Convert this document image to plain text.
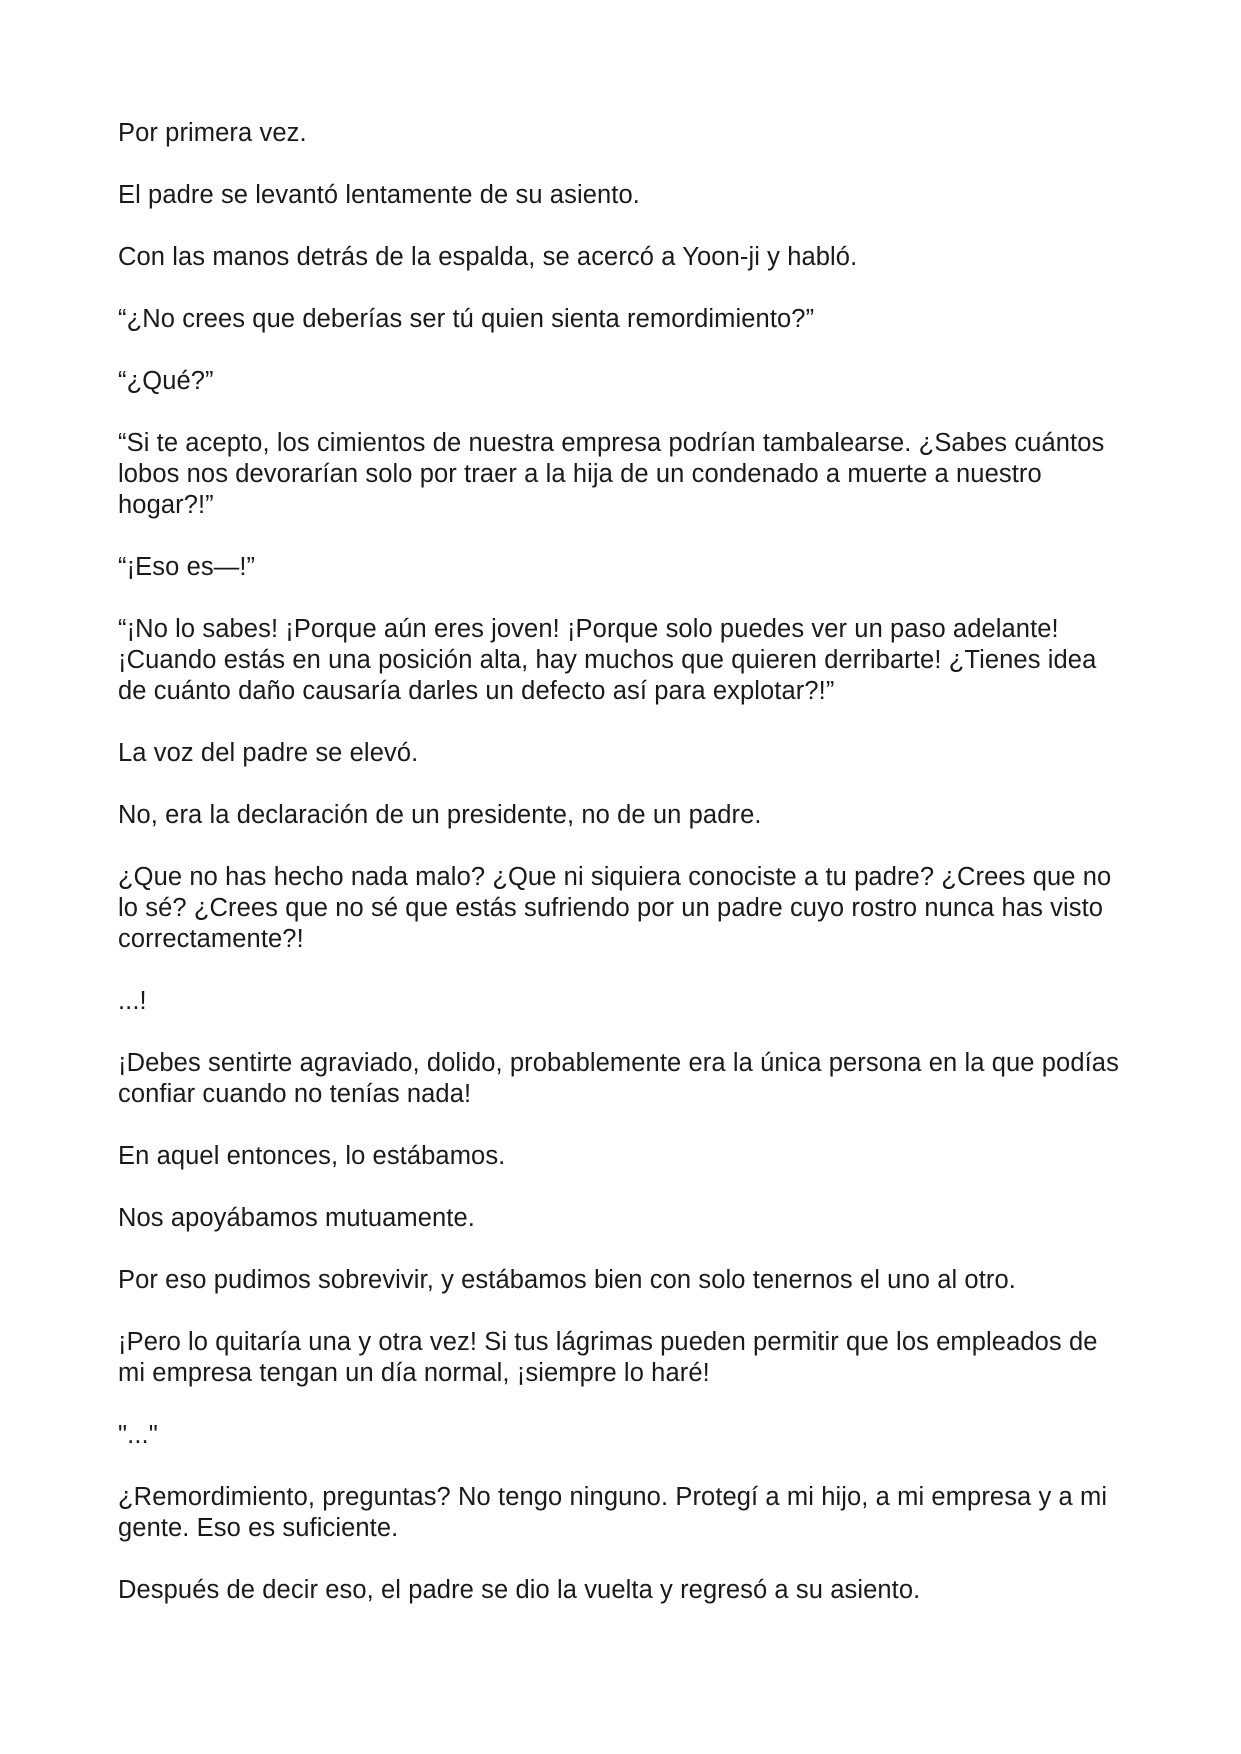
Por primera vez.

El padre se levantó lentamente de su asiento.

Con las manos detrás de la espalda, se acercó a Yoon-ji y habló.

“¿No crees que deberías ser tú quien sienta remordimiento?”

“¿Qué?”

“Si te acepto, los cimientos de nuestra empresa podrían tambalearse. ¿Sabes cuántos lobos nos devorarían solo por traer a la hija de un condenado a muerte a nuestro hogar?!”

“¡Eso es—!”

“¡No lo sabes! ¡Porque aún eres joven! ¡Porque solo puedes ver un paso adelante! ¡Cuando estás en una posición alta, hay muchos que quieren derribarte! ¿Tienes idea de cuánto daño causaría darles un defecto así para explotar?!”

La voz del padre se elevó.

No, era la declaración de un presidente, no de un padre.

¿Que no has hecho nada malo? ¿Que ni siquiera conociste a tu padre? ¿Crees que no lo sé? ¿Crees que no sé que estás sufriendo por un padre cuyo rostro nunca has visto correctamente?!

...!

¡Debes sentirte agraviado, dolido, probablemente era la única persona en la que podías confiar cuando no tenías nada!

En aquel entonces, lo estábamos.

Nos apoyábamos mutuamente.

Por eso pudimos sobrevivir, y estábamos bien con solo tenernos el uno al otro.

¡Pero lo quitaría una y otra vez! Si tus lágrimas pueden permitir que los empleados de mi empresa tengan un día normal, ¡siempre lo haré!

"..."

¿Remordimiento, preguntas? No tengo ninguno. Protegí a mi hijo, a mi empresa y a mi gente. Eso es suficiente.

Después de decir eso, el padre se dio la vuelta y regresó a su asiento.
